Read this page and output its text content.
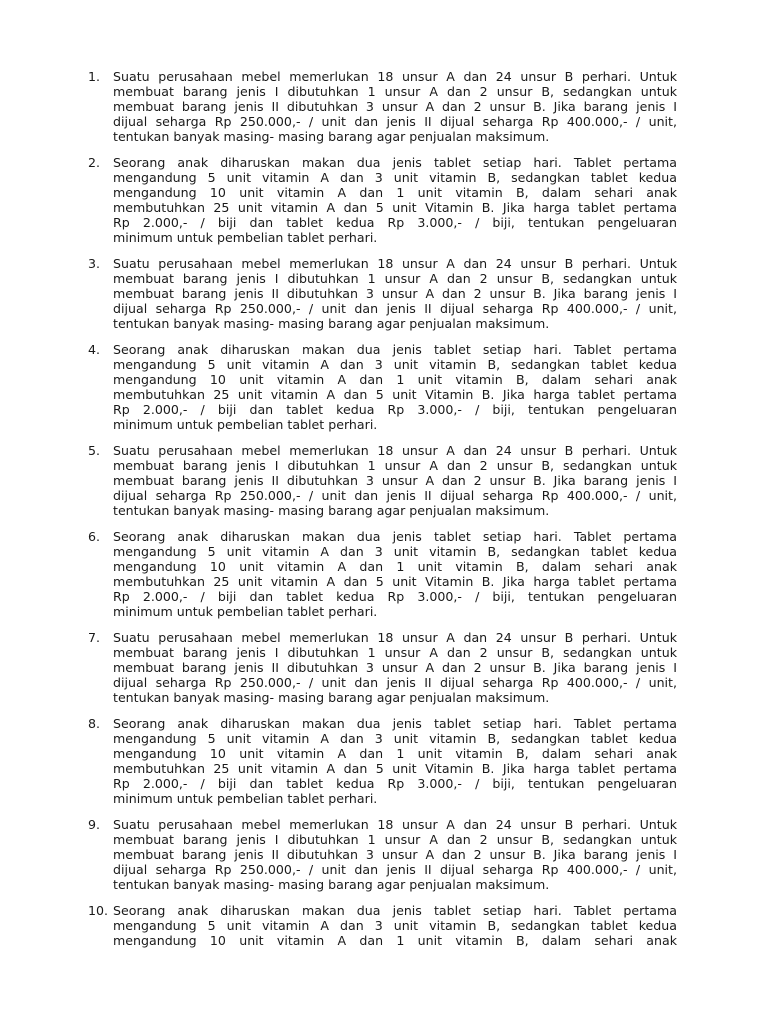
1. Suatu perusahaan mebel memerlukan 18 unsur A dan 24 unsur B perhari. Untuk
membuat barang jenis I dibutuhkan 1 unsur A dan 2 unsur B, sedangkan untuk
membuat barang jenis II dibutuhkan 3 unsur A dan 2 unsur B. Jika barang jenis I
dijual seharga Rp 250.000,- / unit dan jenis II dijual seharga Rp 400.000,- / unit,
tentukan banyak masing- masing barang agar penjualan maksimum.
2. Seorang anak diharuskan makan dua jenis tablet setiap hari. Tablet pertama
mengandung 5 unit vitamin A dan 3 unit vitamin B, sedangkan tablet kedua
mengandung 10 unit vitamin A dan 1 unit vitamin B, dalam sehari anak
membutuhkan 25 unit vitamin A dan 5 unit Vitamin B. Jika harga tablet pertama
Rp 2.000,- / biji dan tablet kedua Rp 3.000,- / biji, tentukan pengeluaran
minimum untuk pembelian tablet perhari.
3. Suatu perusahaan mebel memerlukan 18 unsur A dan 24 unsur B perhari. Untuk
membuat barang jenis I dibutuhkan 1 unsur A dan 2 unsur B, sedangkan untuk
membuat barang jenis II dibutuhkan 3 unsur A dan 2 unsur B. Jika barang jenis I
dijual seharga Rp 250.000,- / unit dan jenis II dijual seharga Rp 400.000,- / unit,
tentukan banyak masing- masing barang agar penjualan maksimum.
4. Seorang anak diharuskan makan dua jenis tablet setiap hari. Tablet pertama
mengandung 5 unit vitamin A dan 3 unit vitamin B, sedangkan tablet kedua
mengandung 10 unit vitamin A dan 1 unit vitamin B, dalam sehari anak
membutuhkan 25 unit vitamin A dan 5 unit Vitamin B. Jika harga tablet pertama
Rp 2.000,- / biji dan tablet kedua Rp 3.000,- / biji, tentukan pengeluaran
minimum untuk pembelian tablet perhari.
5. Suatu perusahaan mebel memerlukan 18 unsur A dan 24 unsur B perhari. Untuk
membuat barang jenis I dibutuhkan 1 unsur A dan 2 unsur B, sedangkan untuk
membuat barang jenis II dibutuhkan 3 unsur A dan 2 unsur B. Jika barang jenis I
dijual seharga Rp 250.000,- / unit dan jenis II dijual seharga Rp 400.000,- / unit,
tentukan banyak masing- masing barang agar penjualan maksimum.
6. Seorang anak diharuskan makan dua jenis tablet setiap hari. Tablet pertama
mengandung 5 unit vitamin A dan 3 unit vitamin B, sedangkan tablet kedua
mengandung 10 unit vitamin A dan 1 unit vitamin B, dalam sehari anak
membutuhkan 25 unit vitamin A dan 5 unit Vitamin B. Jika harga tablet pertama
Rp 2.000,- / biji dan tablet kedua Rp 3.000,- / biji, tentukan pengeluaran
minimum untuk pembelian tablet perhari.
7. Suatu perusahaan mebel memerlukan 18 unsur A dan 24 unsur B perhari. Untuk
membuat barang jenis I dibutuhkan 1 unsur A dan 2 unsur B, sedangkan untuk
membuat barang jenis II dibutuhkan 3 unsur A dan 2 unsur B. Jika barang jenis I
dijual seharga Rp 250.000,- / unit dan jenis II dijual seharga Rp 400.000,- / unit,
tentukan banyak masing- masing barang agar penjualan maksimum.
8. Seorang anak diharuskan makan dua jenis tablet setiap hari. Tablet pertama
mengandung 5 unit vitamin A dan 3 unit vitamin B, sedangkan tablet kedua
mengandung 10 unit vitamin A dan 1 unit vitamin B, dalam sehari anak
membutuhkan 25 unit vitamin A dan 5 unit Vitamin B. Jika harga tablet pertama
Rp 2.000,- / biji dan tablet kedua Rp 3.000,- / biji, tentukan pengeluaran
minimum untuk pembelian tablet perhari.
9. Suatu perusahaan mebel memerlukan 18 unsur A dan 24 unsur B perhari. Untuk
membuat barang jenis I dibutuhkan 1 unsur A dan 2 unsur B, sedangkan untuk
membuat barang jenis II dibutuhkan 3 unsur A dan 2 unsur B. Jika barang jenis I
dijual seharga Rp 250.000,- / unit dan jenis II dijual seharga Rp 400.000,- / unit,
tentukan banyak masing- masing barang agar penjualan maksimum.
10. Seorang anak diharuskan makan dua jenis tablet setiap hari. Tablet pertama
mengandung 5 unit vitamin A dan 3 unit vitamin B, sedangkan tablet kedua
mengandung 10 unit vitamin A dan 1 unit vitamin B, dalam sehari anak
